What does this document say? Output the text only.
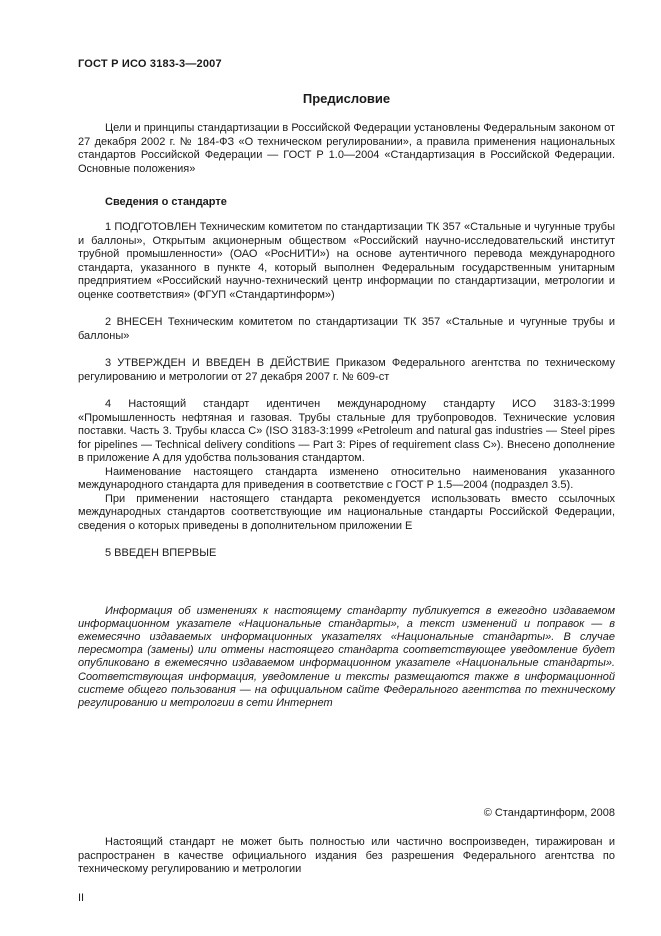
ГОСТ Р ИСО 3183-3—2007
Предисловие

Цели и принципы стандартизации в Российской Федерации установлены Федеральным законом от 27 декабря 2002 г. № 184-ФЗ «О техническом регулировании», а правила применения национальных стандартов Российской Федерации — ГОСТ Р 1.0—2004 «Стандартизация в Российской Федерации. Основные положения»

Сведения о стандарте

1 ПОДГОТОВЛЕН Техническим комитетом по стандартизации ТК 357 «Стальные и чугунные трубы и баллоны», Открытым акционерным обществом «Российский научно-исследовательский институт трубной промышленности» (ОАО «РосНИТИ») на основе аутентичного перевода международного стандарта, указанного в пункте 4, который выполнен Федеральным государственным унитарным предприятием «Российский научно-технический центр информации по стандартизации, метрологии и оценке соответствия» (ФГУП «Стандартинформ»)

2 ВНЕСЕН Техническим комитетом по стандартизации ТК 357 «Стальные и чугунные трубы и баллоны»

3 УТВЕРЖДЕН И ВВЕДЕН В ДЕЙСТВИЕ Приказом Федерального агентства по техническому регулированию и метрологии от 27 декабря 2007 г. № 609-ст

4 Настоящий стандарт идентичен международному стандарту ИСО 3183-3:1999 «Промышленность нефтяная и газовая. Трубы стальные для трубопроводов. Технические условия поставки. Часть 3. Трубы класса С» (ISO 3183-3:1999 «Petroleum and natural gas industries — Steel pipes for pipelines — Technical delivery conditions — Part 3: Pipes of requirement class C»). Внесено дополнение в приложение А для удобства пользования стандартом.

Наименование настоящего стандарта изменено относительно наименования указанного международного стандарта для приведения в соответствие с ГОСТ Р 1.5—2004 (подраздел 3.5).

При применении настоящего стандарта рекомендуется использовать вместо ссылочных международных стандартов соответствующие им национальные стандарты Российской Федерации, сведения о которых приведены в дополнительном приложении Е

5 ВВЕДЕН ВПЕРВЫЕ

Информация об изменениях к настоящему стандарту публикуется в ежегодно издаваемом информационном указателе «Национальные стандарты», а текст изменений и поправок — в ежемесячно издаваемых информационных указателях «Национальные стандарты». В случае пересмотра (замены) или отмены настоящего стандарта соответствующее уведомление будет опубликовано в ежемесячно издаваемом информационном указателе «Национальные стандарты». Соответствующая информация, уведомление и тексты размещаются также в информационной системе общего пользования — на официальном сайте Федерального агентства по техническому регулированию и метрологии в сети Интернет

© Стандартинформ, 2008

Настоящий стандарт не может быть полностью или частично воспроизведен, тиражирован и распространен в качестве официального издания без разрешения Федерального агентства по техническому регулированию и метрологии

II
